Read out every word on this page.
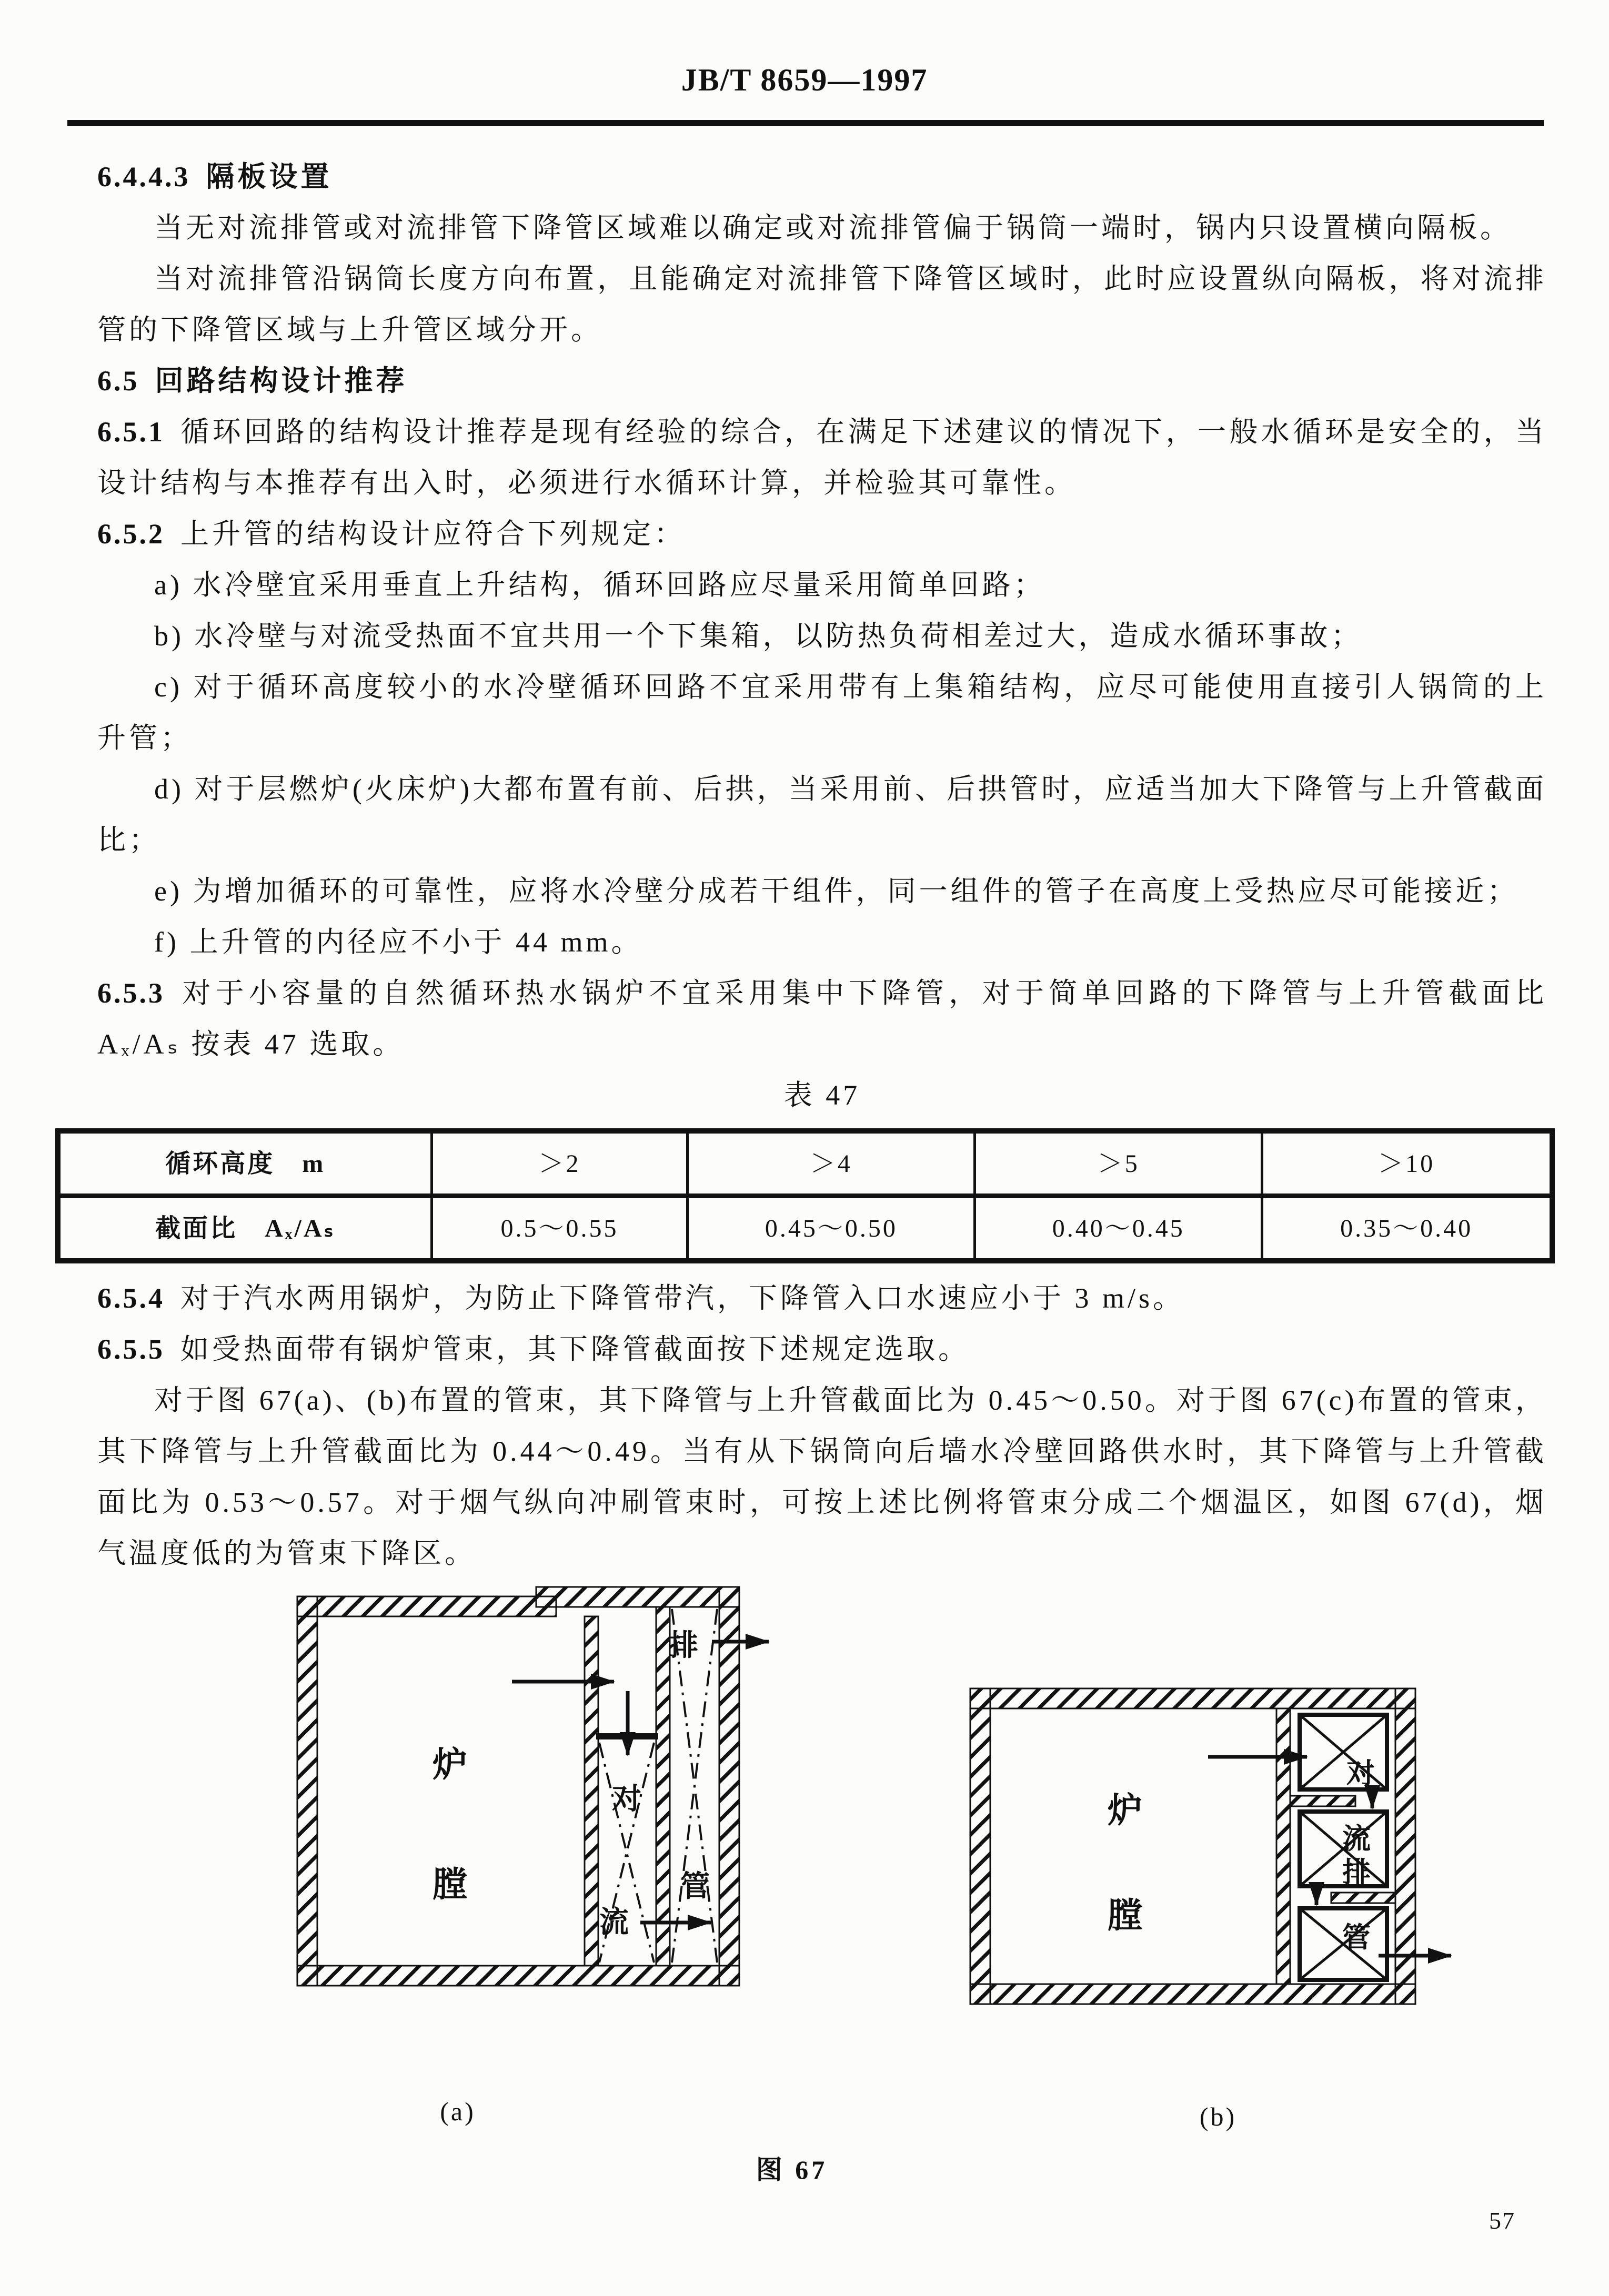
JB/T 8659—1997

6.4.4.3 隔板设置

当无对流排管或对流排管下降管区域难以确定或对流排管偏于锅筒一端时，锅内只设置横向隔板。

当对流排管沿锅筒长度方向布置，且能确定对流排管下降管区域时，此时应设置纵向隔板，将对流排管的下降管区域与上升管区域分开。

6.5 回路结构设计推荐

6.5.1 循环回路的结构设计推荐是现有经验的综合，在满足下述建议的情况下，一般水循环是安全的，当设计结构与本推荐有出入时，必须进行水循环计算，并检验其可靠性。

6.5.2 上升管的结构设计应符合下列规定：

a) 水冷壁宜采用垂直上升结构，循环回路应尽量采用简单回路；

b) 水冷壁与对流受热面不宜共用一个下集箱，以防热负荷相差过大，造成水循环事故；

c) 对于循环高度较小的水冷壁循环回路不宜采用带有上集箱结构，应尽可能使用直接引人锅筒的上升管；

d) 对于层燃炉(火床炉)大都布置有前、后拱，当采用前、后拱管时，应适当加大下降管与上升管截面比；

e) 为增加循环的可靠性，应将水冷壁分成若干组件，同一组件的管子在高度上受热应尽可能接近；

f) 上升管的内径应不小于 44 mm。

6.5.3 对于小容量的自然循环热水锅炉不宜采用集中下降管，对于简单回路的下降管与上升管截面比 Aₓ/Aₛ 按表 47 选取。

表 47

循环高度　m	＞2	＞4	＞5	＞10
截面比　Aₓ/Aₛ	0.5～0.55	0.45～0.50	0.40～0.45	0.35～0.40

6.5.4 对于汽水两用锅炉，为防止下降管带汽，下降管入口水速应小于 3 m/s。

6.5.5 如受热面带有锅炉管束，其下降管截面按下述规定选取。

对于图 67(a)、(b)布置的管束，其下降管与上升管截面比为 0.45～0.50。对于图 67(c)布置的管束，其下降管与上升管截面比为 0.44～0.49。当有从下锅筒向后墙水冷壁回路供水时，其下降管与上升管截面比为 0.53～0.57。对于烟气纵向冲刷管束时，可按上述比例将管束分成二个烟温区，如图 67(d)，烟气温度低的为管束下降区。

炉
膛
对
流
排
管
炉
膛
对
流
排
管
(a)	(b)
图 67
57
